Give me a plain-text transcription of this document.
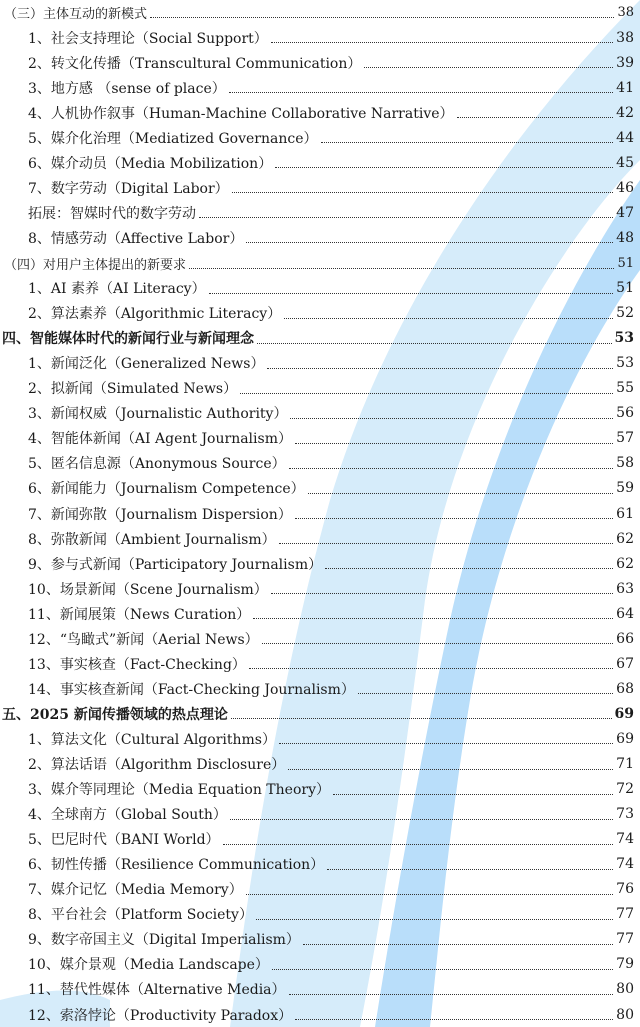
（三）主体互动的新模式	38
1、社会支持理论（Social Support）	38
2、转文化传播（Transcultural Communication）	39
3、地方感 （sense of place）	41
4、人机协作叙事（Human-Machine Collaborative Narrative）	42
5、媒介化治理（Mediatized Governance）	44
6、媒介动员（Media Mobilization）	45
7、数字劳动（Digital Labor）	46
拓展：智媒时代的数字劳动	47
8、情感劳动（Affective Labor）	48
（四）对用户主体提出的新要求	51
1、AI 素养（AI Literacy）	51
2、算法素养（Algorithmic Literacy）	52
四、智能媒体时代的新闻行业与新闻理念	53
1、新闻泛化（Generalized News）	53
2、拟新闻（Simulated News）	55
3、新闻权威（Journalistic Authority）	56
4、智能体新闻（AI Agent Journalism）	57
5、匿名信息源（Anonymous Source）	58
6、新闻能力（Journalism Competence）	59
7、新闻弥散（Journalism Dispersion）	61
8、弥散新闻（Ambient Journalism）	62
9、参与式新闻（Participatory Journalism）	62
10、场景新闻（Scene Journalism）	63
11、新闻展策（News Curation）	64
12、“鸟瞰式”新闻（Aerial News）	66
13、事实核查（Fact-Checking）	67
14、事实核查新闻（Fact-Checking Journalism）	68
五、2025 新闻传播领域的热点理论	69
1、算法文化（Cultural Algorithms）	69
2、算法话语（Algorithm Disclosure）	71
3、媒介等同理论（Media Equation Theory）	72
4、全球南方（Global South）	73
5、巴尼时代（BANI World）	74
6、韧性传播（Resilience Communication）	74
7、媒介记忆（Media Memory）	76
8、平台社会（Platform Society）	77
9、数字帝国主义（Digital Imperialism）	77
10、媒介景观（Media Landscape）	79
11、替代性媒体（Alternative Media）	80
12、索洛悖论（Productivity Paradox）	80
